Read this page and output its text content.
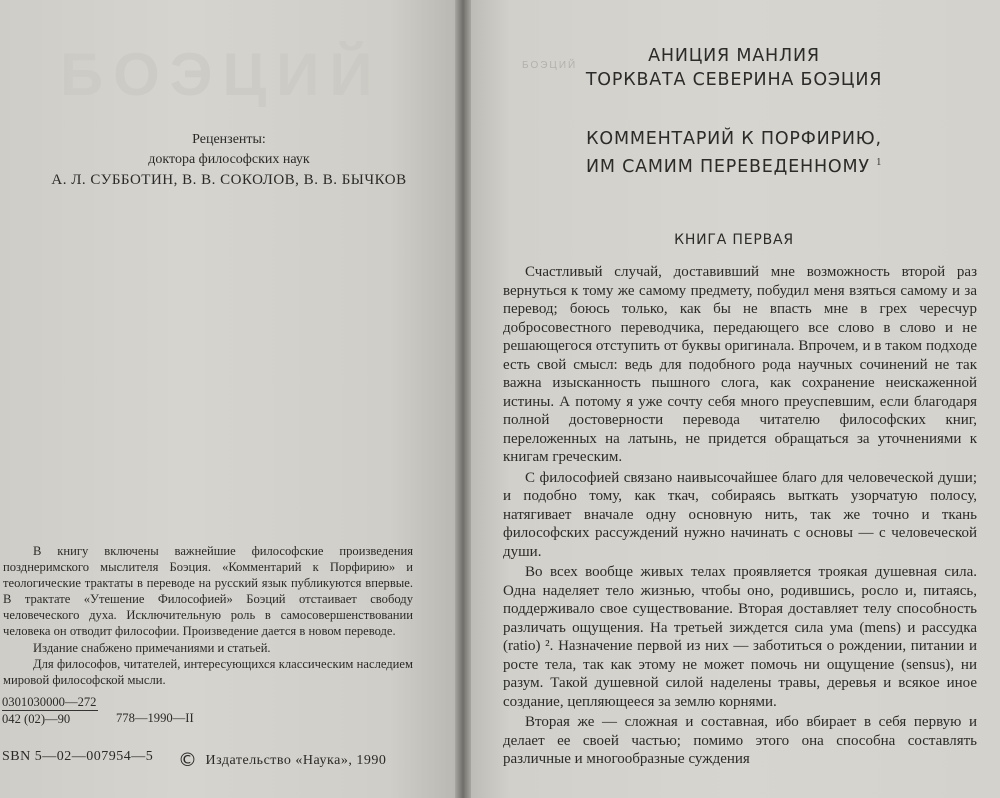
БОЭЦИЙ	БОЭЦИЙ
Рецензенты:
доктора философских наук
А. Л. СУББОТИН, В. В. СОКОЛОВ, В. В. БЫЧКОВ
В книгу включены важнейшие философские произведения позднеримского мыслителя Боэция. «Комментарий к Порфирию» и теологические трактаты в переводе на русский язык публикуются впервые. В трактате «Утешение Философией» Боэций отстаивает свободу человеческого духа. Исключительную роль в самосовершенствовании человека он отводит философии. Произведение дается в новом переводе.
Издание снабжено примечаниями и статьей.
Для философов, читателей, интересующихся классическим наследием мировой философской мысли.
0301030000—272
042 (02)—90	778—1990—II
SBN 5—02—007954—5 © Издательство «Наука», 1990
АНИЦИЯ МАНЛИЯ
ТОРКВАТА СЕВЕРИНА БОЭЦИЯ
КОММЕНТАРИЙ К ПОРФИРИЮ,
ИМ САМИМ ПЕРЕВЕДЕННОМУ $^1$
КНИГА ПЕРВАЯ
Счастливый случай, доставивший мне возможность второй раз вернуться к тому же самому предмету, побудил меня взяться самому и за перевод; боюсь только, как бы не впасть мне в грех чересчур добросовестного переводчика, передающего все слово в слово и не решающегося отступить от буквы оригинала. Впрочем, и в таком подходе есть свой смысл: ведь для подобного рода научных сочинений не так важна изысканность пышного слога, как сохранение неискаженной истины. А потому я уже сочту себя много преуспевшим, если благодаря полной достоверности перевода читателю философских книг, переложенных на латынь, не придется обращаться за уточнениями к книгам греческим.
С философией связано наивысочайшее благо для человеческой души; и подобно тому, как ткач, собираясь выткать узорчатую полосу, натягивает вначале одну основную нить, так же точно и ткань философских рассуждений нужно начинать с основы — с человеческой души.
Во всех вообще живых телах проявляется троякая душевная сила. Одна наделяет тело жизнью, чтобы оно, родившись, росло и, питаясь, поддерживало свое существование. Вторая доставляет телу способность различать ощущения. На третьей зиждется сила ума (mens) и рассудка (ratio) ². Назначение первой из них — заботиться о рождении, питании и росте тела, так как этому не может помочь ни ощущение (sensus), ни разум. Такой душевной силой наделены травы, деревья и всякое иное создание, цепляющееся за землю корнями.
Вторая же — сложная и составная, ибо вбирает в себя первую и делает ее своей частью; помимо этого она способна составлять различные и многообразные суждения
